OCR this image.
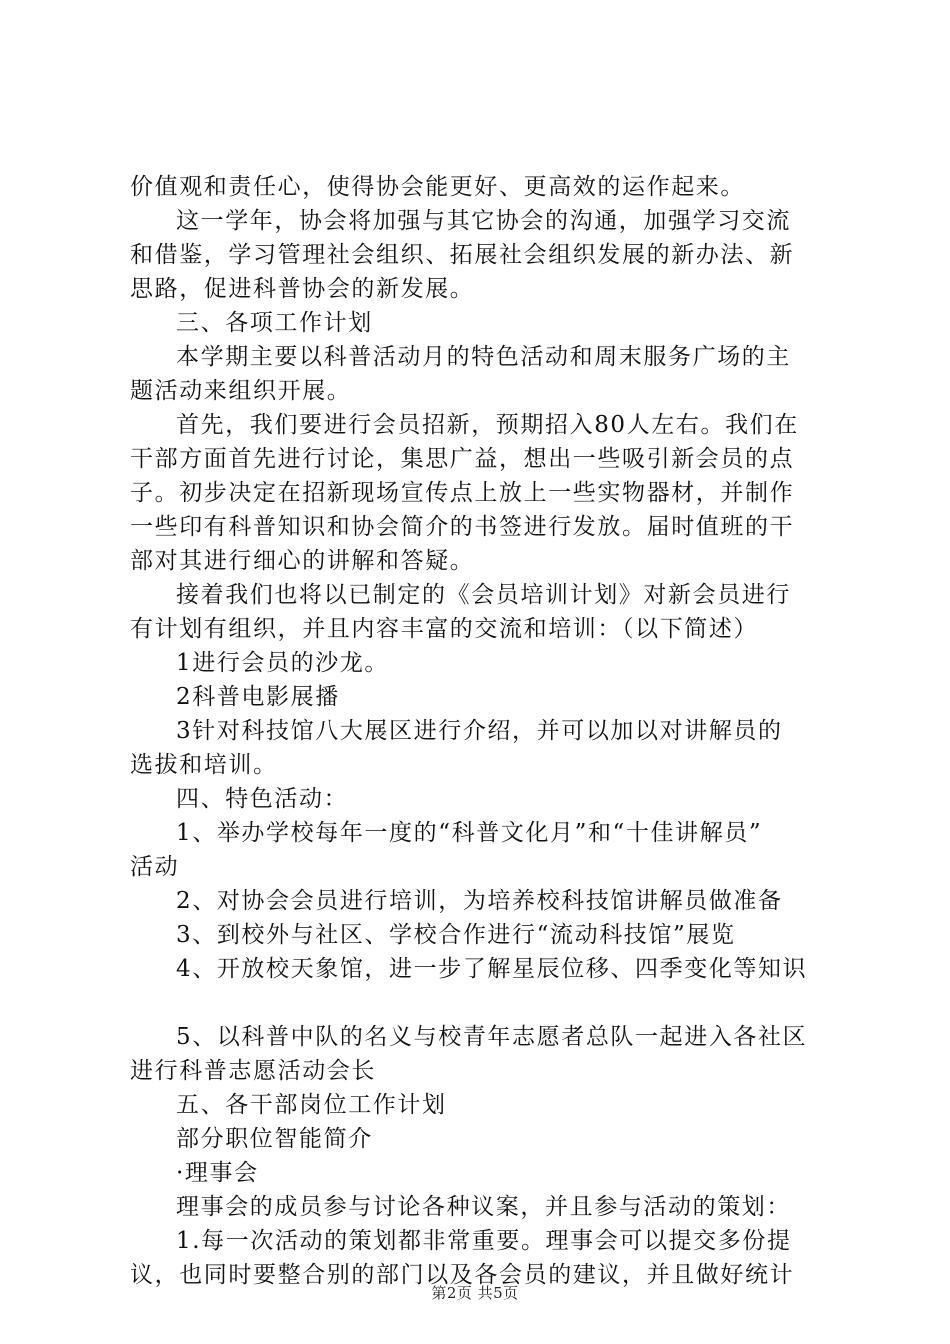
价值观和责任心，使得协会能更好、更高效的运作起来。
这一学年，协会将加强与其它协会的沟通，加强学习交流
和借鉴，学习管理社会组织、拓展社会组织发展的新办法、新
思路，促进科普协会的新发展。
三、各项工作计划
本学期主要以科普活动月的特色活动和周末服务广场的主
题活动来组织开展。
首先，我们要进行会员招新，预期招入80人左右。我们在
干部方面首先进行讨论，集思广益，想出一些吸引新会员的点
子。初步决定在招新现场宣传点上放上一些实物器材，并制作
一些印有科普知识和协会简介的书签进行发放。届时值班的干
部对其进行细心的讲解和答疑。
接着我们也将以已制定的《会员培训计划》对新会员进行
有计划有组织，并且内容丰富的交流和培训：（以下简述）
1进行会员的沙龙。
2科普电影展播
3针对科技馆八大展区进行介绍，并可以加以对讲解员的
选拔和培训。
四、特色活动：
1、举办学校每年一度的“科普文化月”和“十佳讲解员”
活动
2、对协会会员进行培训，为培养校科技馆讲解员做准备
3、到校外与社区、学校合作进行“流动科技馆”展览
4、开放校天象馆，进一步了解星辰位移、四季变化等知识
5、以科普中队的名义与校青年志愿者总队一起进入各社区
进行科普志愿活动会长
五、各干部岗位工作计划
部分职位智能简介
·理事会
理事会的成员参与讨论各种议案，并且参与活动的策划：
1.每一次活动的策划都非常重要。理事会可以提交多份提
议，也同时要整合别的部门以及各会员的建议，并且做好统计
第2页 共5页
